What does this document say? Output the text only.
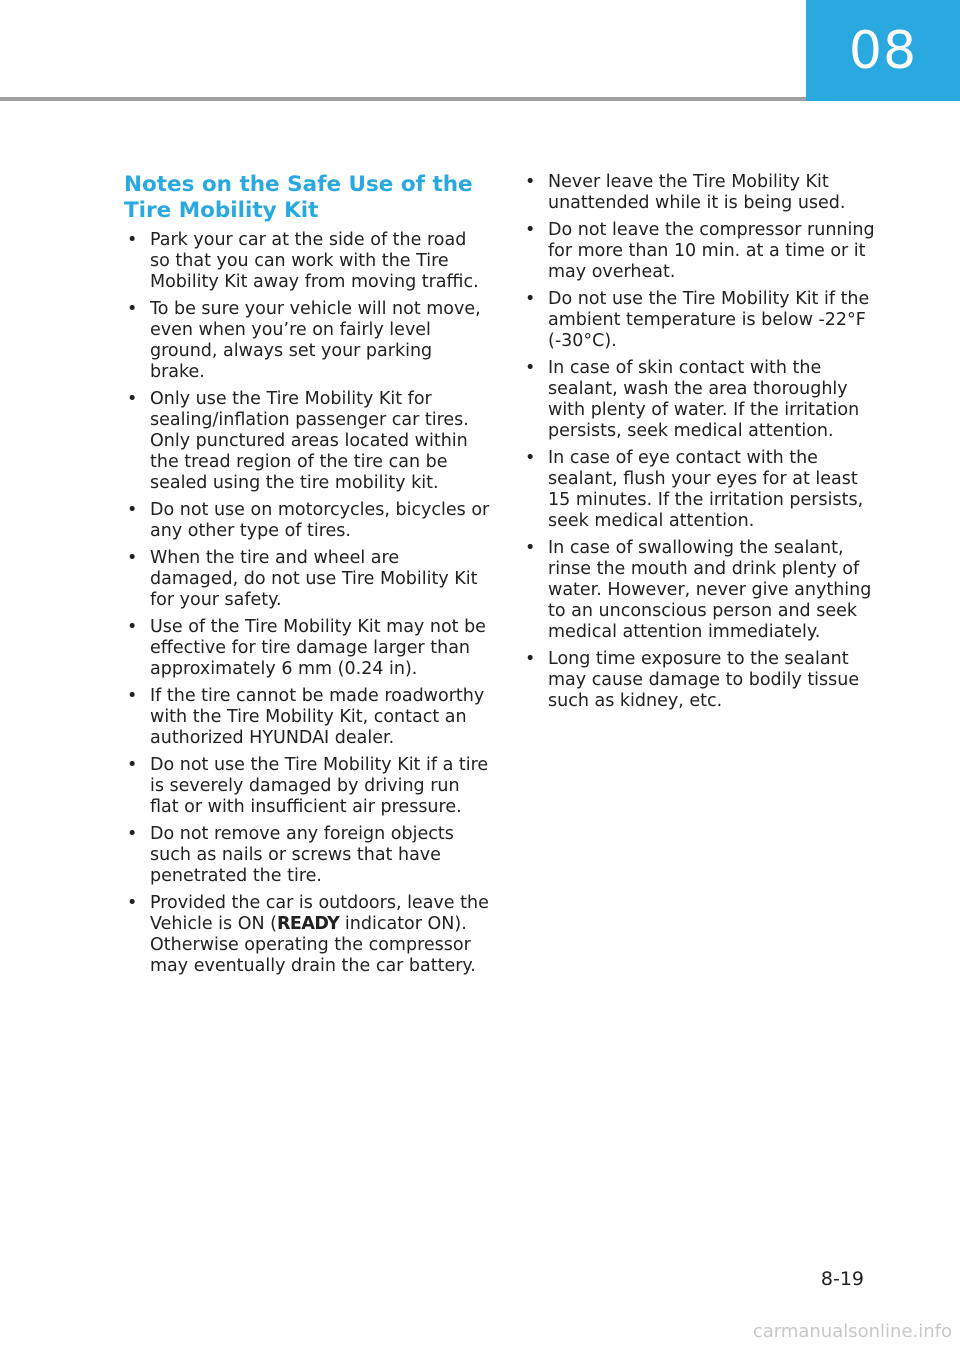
08
Notes on the Safe Use of the Tire Mobility Kit
• Park your car at the side of the road so that you can work with the Tire Mobility Kit away from moving traffic.
• To be sure your vehicle will not move, even when you’re on fairly level ground, always set your parking brake.
• Only use the Tire Mobility Kit for sealing/inflation passenger car tires. Only punctured areas located within the tread region of the tire can be sealed using the tire mobility kit.
• Do not use on motorcycles, bicycles or any other type of tires.
• When the tire and wheel are damaged, do not use Tire Mobility Kit for your safety.
• Use of the Tire Mobility Kit may not be effective for tire damage larger than approximately 6 mm (0.24 in).
• If the tire cannot be made roadworthy with the Tire Mobility Kit, contact an authorized HYUNDAI dealer.
• Do not use the Tire Mobility Kit if a tire is severely damaged by driving run flat or with insufficient air pressure.
• Do not remove any foreign objects such as nails or screws that have penetrated the tire.
• Provided the car is outdoors, leave the Vehicle is ON (READY indicator ON). Otherwise operating the compressor may eventually drain the car battery.
• Never leave the Tire Mobility Kit unattended while it is being used.
• Do not leave the compressor running for more than 10 min. at a time or it may overheat.
• Do not use the Tire Mobility Kit if the ambient temperature is below -22°F (-30°C).
• In case of skin contact with the sealant, wash the area thoroughly with plenty of water. If the irritation persists, seek medical attention.
• In case of eye contact with the sealant, flush your eyes for at least 15 minutes. If the irritation persists, seek medical attention.
• In case of swallowing the sealant, rinse the mouth and drink plenty of water. However, never give anything to an unconscious person and seek medical attention immediately.
• Long time exposure to the sealant may cause damage to bodily tissue such as kidney, etc.
8-19
carmanualsonline.info
